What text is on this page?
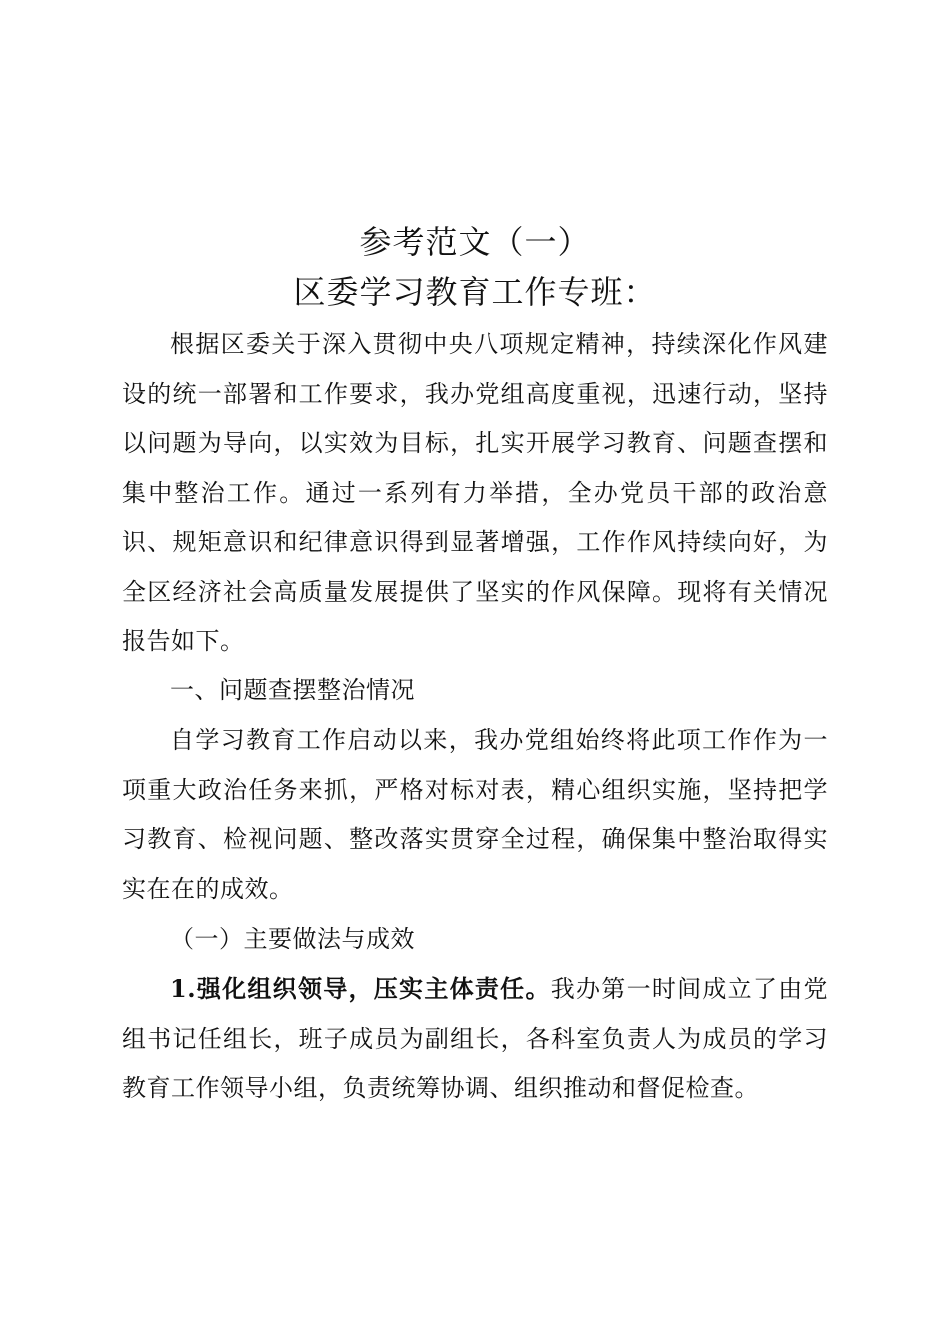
参考范文（一）
区委学习教育工作专班：
根据区委关于深入贯彻中央八项规定精神，持续深化作风建设的统一部署和工作要求，我办党组高度重视，迅速行动，坚持以问题为导向，以实效为目标，扎实开展学习教育、问题查摆和集中整治工作。通过一系列有力举措，全办党员干部的政治意识、规矩意识和纪律意识得到显著增强，工作作风持续向好，为全区经济社会高质量发展提供了坚实的作风保障。现将有关情况报告如下。
一、问题查摆整治情况
自学习教育工作启动以来，我办党组始终将此项工作作为一项重大政治任务来抓，严格对标对表，精心组织实施，坚持把学习教育、检视问题、整改落实贯穿全过程，确保集中整治取得实实在在的成效。
（一）主要做法与成效
1.强化组织领导，压实主体责任。我办第一时间成立了由党组书记任组长，班子成员为副组长，各科室负责人为成员的学习教育工作领导小组，负责统筹协调、组织推动和督促检查。
